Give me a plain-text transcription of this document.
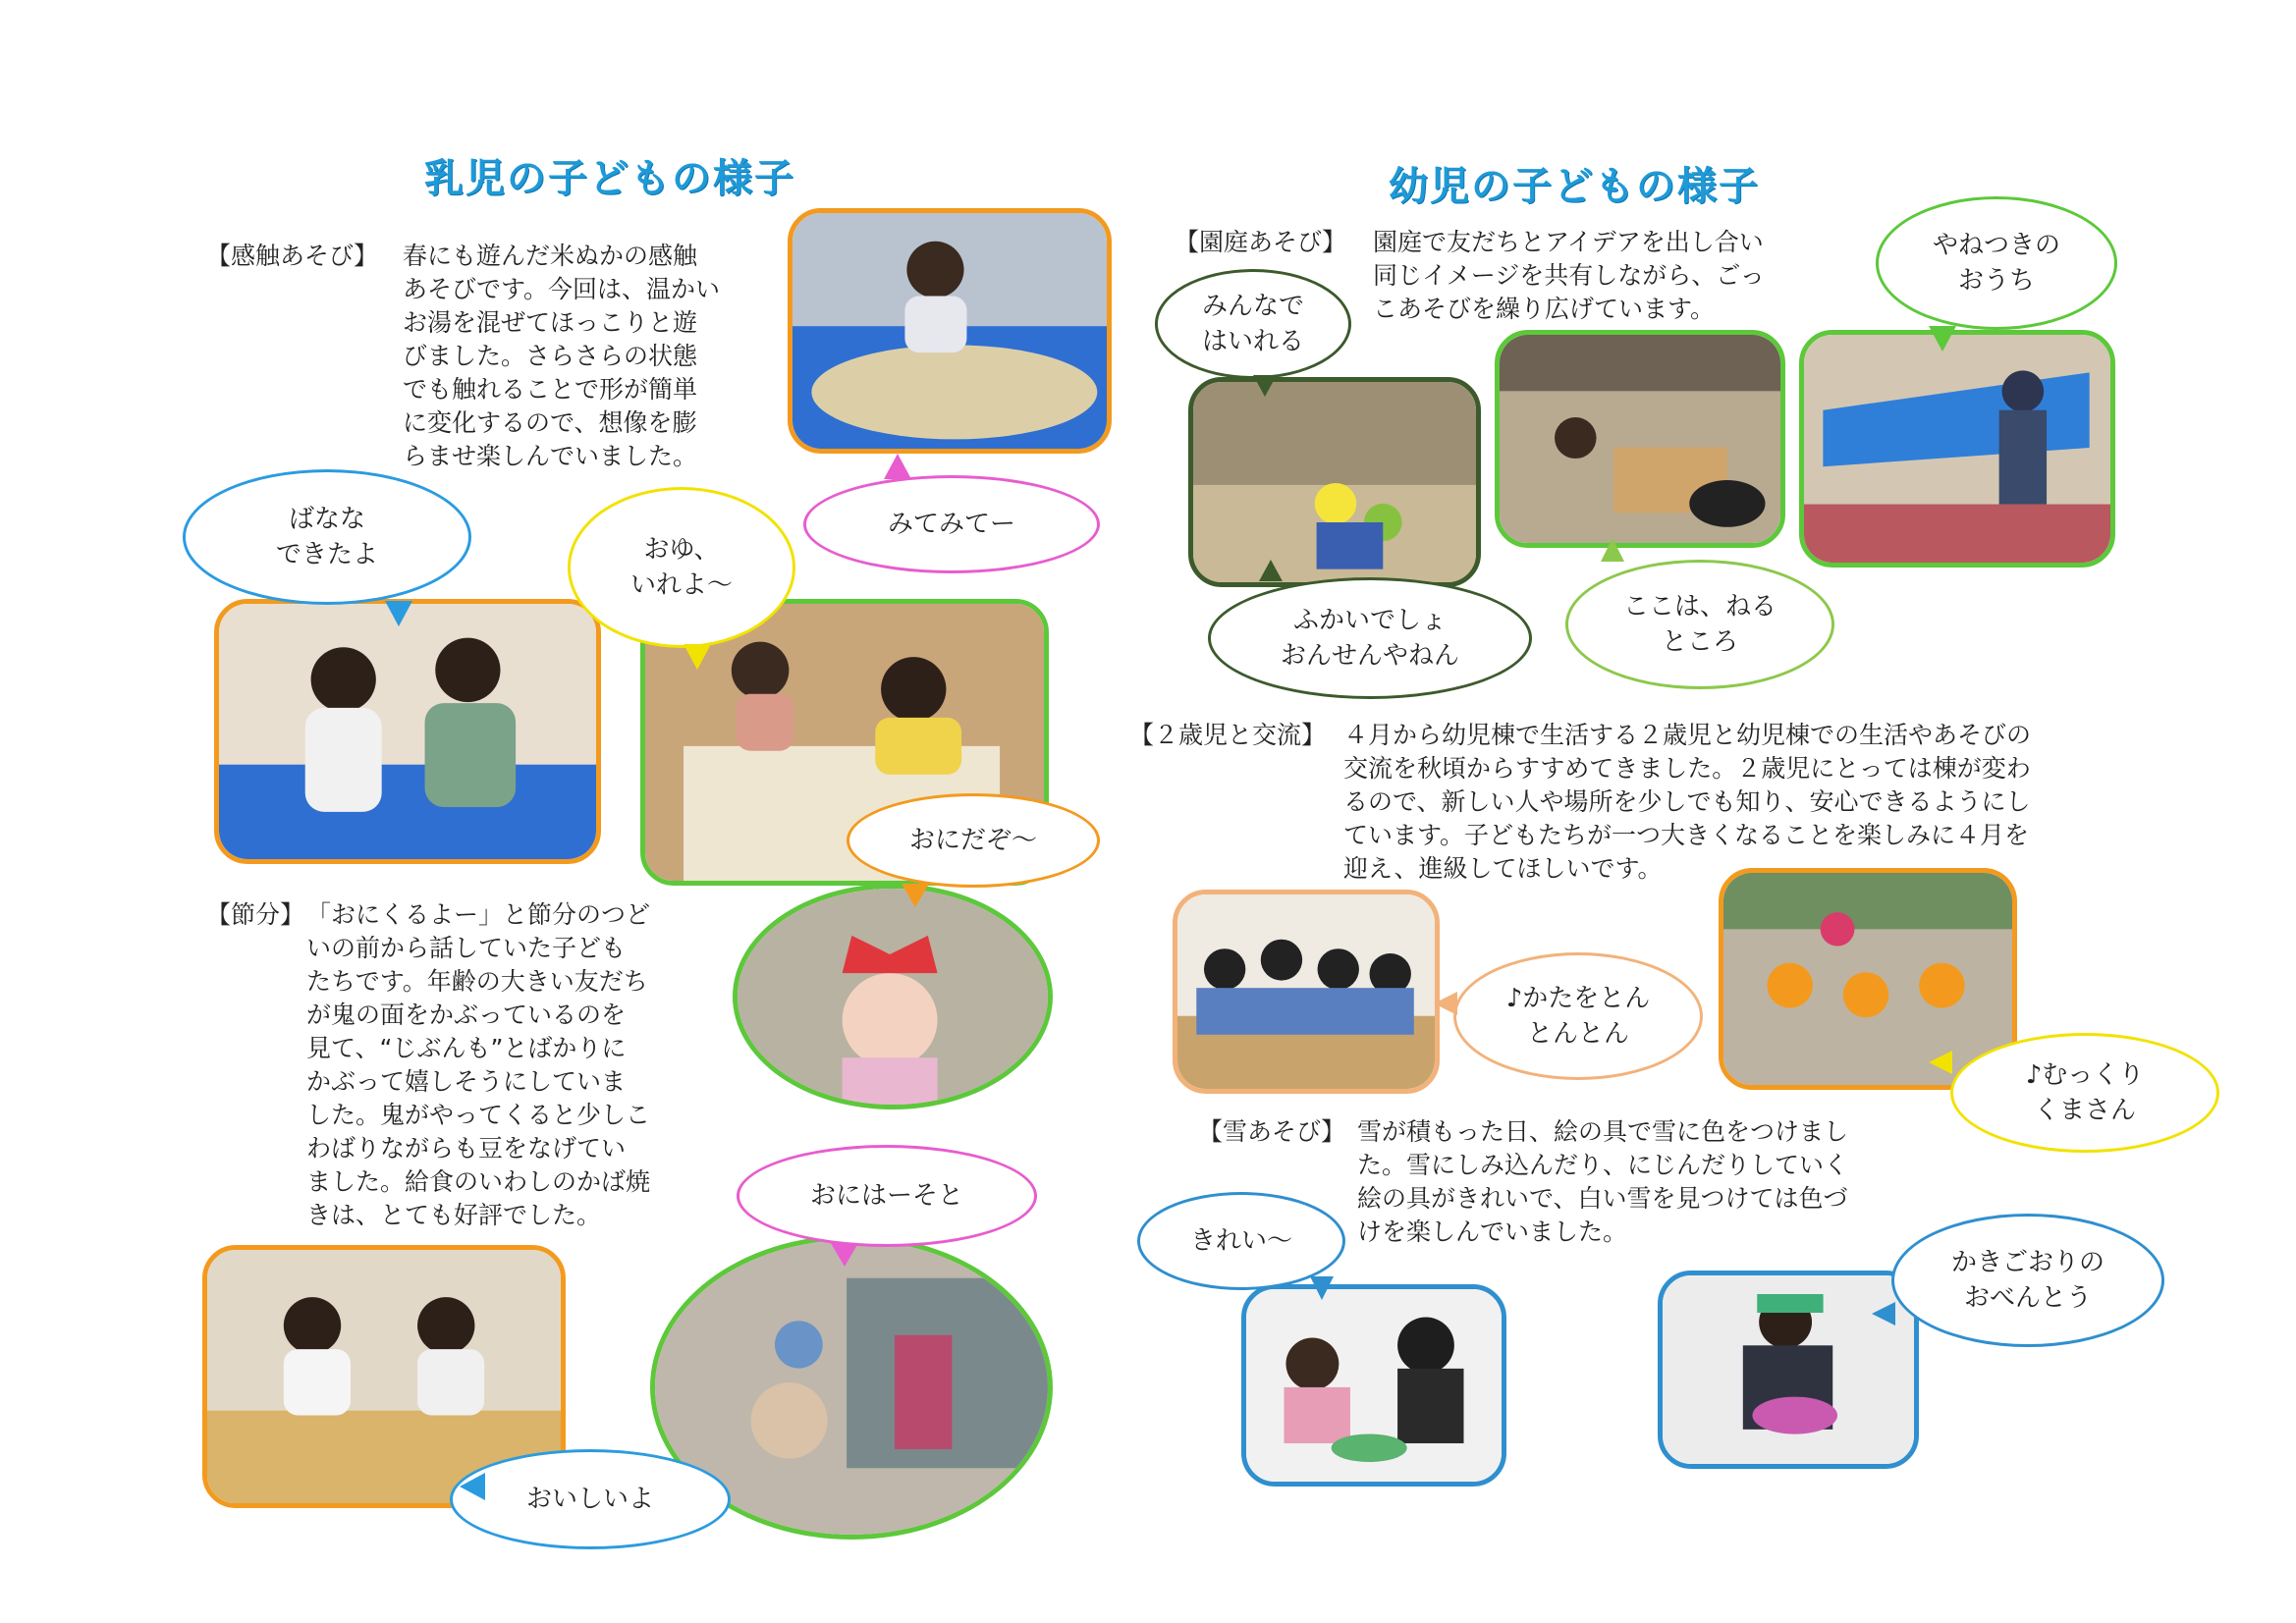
乳児の子どもの様子
【感触あそび】 春にも遊んだ米ぬかの感触
あそびです。今回は、温かい
お湯を混ぜてほっこりと遊
びました。さらさらの状態
でも触れることで形が簡単
に変化するので、想像を膨
らませ楽しんでいました。
【節分】 「おにくるよー」と節分のつど
いの前から話していた子ども
たちです。年齢の大きい友だち
が鬼の面をかぶっているのを
見て、“じぶんも”とばかりに
かぶって嬉しそうにしていま
した。鬼がやってくると少しこ
わばりながらも豆をなげてい
ました。給食のいわしのかば焼
きは、とても好評でした。
みてみてー
ばなな
できたよ	おゆ、
いれよ～
おにだぞ～
おにはーそと
おいしいよ
幼児の子どもの様子
【園庭あそび】 園庭で友だちとアイデアを出し合い
同じイメージを共有しながら、ごっ
こあそびを繰り広げています。
【２歳児と交流】 ４月から幼児棟で生活する２歳児と幼児棟での生活やあそびの
交流を秋頃からすすめてきました。２歳児にとっては棟が変わ
るので、新しい人や場所を少しでも知り、安心できるようにし
ています。子どもたちが一つ大きくなることを楽しみに４月を
迎え、進級してほしいです。
【雪あそび】 雪が積もった日、絵の具で雪に色をつけまし
た。雪にしみ込んだり、にじんだりしていく
絵の具がきれいで、白い雪を見つけては色づ
けを楽しんでいました。
みんなで
はいれる
やねつきの
おうち
ふかいでしょ
おんせんやねん
ここは、ねる
ところ
♪かたをとん
とんとん
♪むっくり
くまさん
きれい～
かきごおりの
おべんとう
